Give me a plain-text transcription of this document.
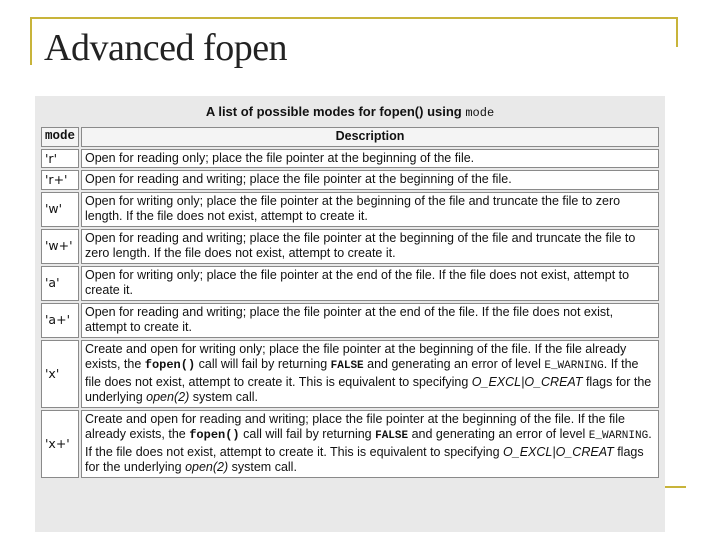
Advanced fopen
A list of possible modes for fopen() using mode
mode	Description
'r'	Open for reading only; place the file pointer at the beginning of the file.
'r+'	Open for reading and writing; place the file pointer at the beginning of the file.
'w'	Open for writing only; place the file pointer at the beginning of the file and truncate the file to zero length. If the file does not exist, attempt to create it.
'w+'	Open for reading and writing; place the file pointer at the beginning of the file and truncate the file to zero length. If the file does not exist, attempt to create it.
'a'	Open for writing only; place the file pointer at the end of the file. If the file does not exist, attempt to create it.
'a+'	Open for reading and writing; place the file pointer at the end of the file. If the file does not exist, attempt to create it.
'x'	Create and open for writing only; place the file pointer at the beginning of the file. If the file already exists, the fopen() call will fail by returning FALSE and generating an error of level E_WARNING. If the file does not exist, attempt to create it. This is equivalent to specifying O_EXCL|O_CREAT flags for the underlying open(2) system call.
'x+'	Create and open for reading and writing; place the file pointer at the beginning of the file. If the file already exists, the fopen() call will fail by returning FALSE and generating an error of level E_WARNING. If the file does not exist, attempt to create it. This is equivalent to specifying O_EXCL|O_CREAT flags for the underlying open(2) system call.
